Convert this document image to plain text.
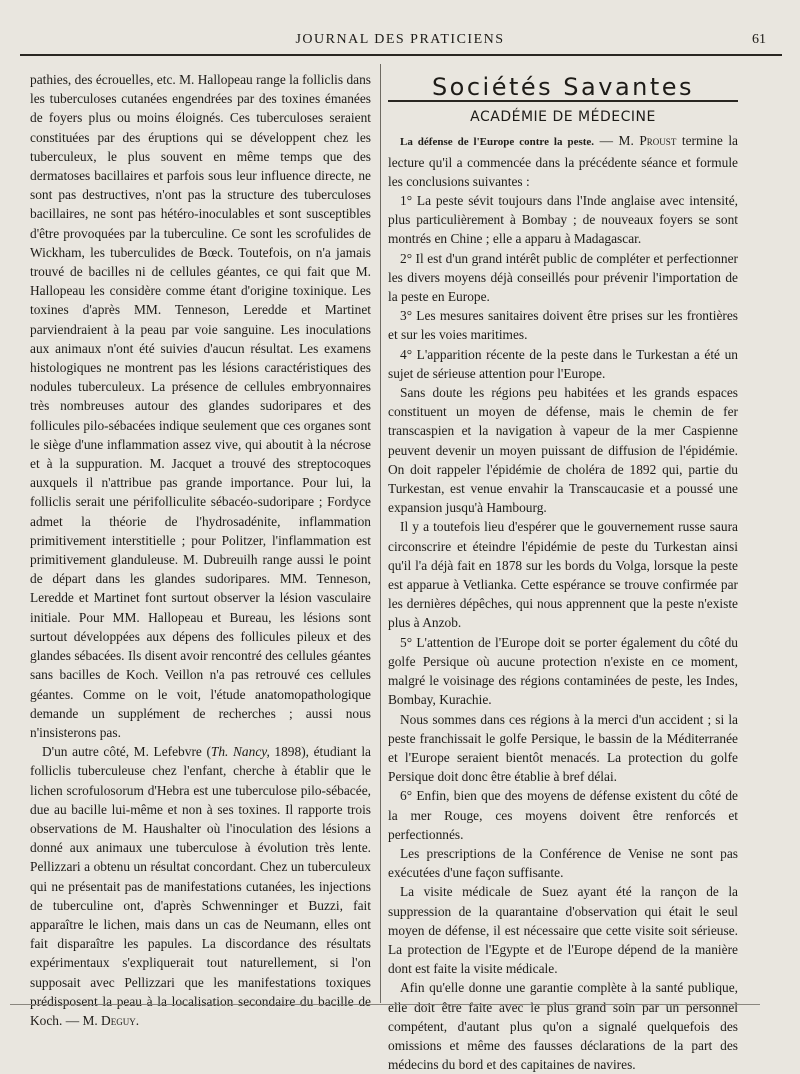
JOURNAL DES PRATICIENS	61

pathies, des écrouelles, etc. M. Hallopeau range la folliclis dans les tuberculoses cutanées engendrées par des toxines émanées de foyers plus ou moins éloignés. Ces tuberculoses seraient constituées par des éruptions qui se développent chez les tuberculeux, le plus souvent en même temps que des dermatoses bacillaires et parfois sous leur influence directe, ne sont pas destructives, n'ont pas la structure des tuberculoses bacillaires, ne sont pas hétéro-inoculables et sont susceptibles d'être provoquées par la tuberculine. Ce sont les scrofulides de Wickham, les tuberculides de Bœck. Toutefois, on n'a jamais trouvé de bacilles ni de cellules géantes, ce qui fait que M. Hallopeau les considère comme étant d'origine toxinique. Les toxines d'après MM. Tenneson, Leredde et Martinet parviendraient à la peau par voie sanguine. Les inoculations aux animaux n'ont été suivies d'aucun résultat. Les examens histologiques ne montrent pas les lésions caractéristiques des nodules tuberculeux. La présence de cellules embryonnaires très nombreuses autour des glandes sudoripares et des follicules pilo-sébacées indique seulement que ces organes sont le siège d'une inflammation assez vive, qui aboutit à la nécrose et à la suppuration. M. Jacquet a trouvé des streptocoques auxquels il n'attribue pas grande importance. Pour lui, la folliclis serait une périfolliculite sébacéo-sudoripare ; Fordyce admet la théorie de l'hydrosadénite, inflammation primitivement interstitielle ; pour Politzer, l'inflammation est primitivement glanduleuse. M. Dubreuilh range aussi le point de départ dans les glandes sudoripares. MM. Tenneson, Leredde et Martinet font surtout observer la lésion vasculaire initiale. Pour MM. Hallopeau et Bureau, les lésions sont surtout développées aux dépens des follicules pileux et des glandes sébacées. Ils disent avoir rencontré des cellules géantes sans bacilles de Koch. Veillon n'a pas retrouvé ces cellules géantes. Comme on le voit, l'étude anatomopathologique demande un supplément de recherches ; aussi nous n'insisterons pas.

D'un autre côté, M. Lefebvre (Th. Nancy, 1898), étudiant la folliclis tuberculeuse chez l'enfant, cherche à établir que le lichen scrofulosorum d'Hebra est une tuberculose pilo-sébacée, due au bacille lui-même et non à ses toxines. Il rapporte trois observations de M. Haushalter où l'inoculation des lésions a donné aux animaux une tuberculose à évolution très lente. Pellizzari a obtenu un résultat concordant. Chez un tuberculeux qui ne présentait pas de manifestations cutanées, les injections de tuberculine ont, d'après Schwenninger et Buzzi, fait apparaître le lichen, mais dans un cas de Neumann, elles ont fait disparaître les papules. La discordance des résultats expérimentaux s'expliquerait tout naturellement, si l'on supposait avec Pellizzari que les manifestations toxiques prédisposent la peau à la localisation secondaire du bacille de Koch. — M. Deguy.

Sociétés Savantes
ACADÉMIE DE MÉDECINE

La défense de l'Europe contre la peste. — M. Proust termine la lecture qu'il a commencée dans la précédente séance et formule les conclusions suivantes :

1° La peste sévit toujours dans l'Inde anglaise avec intensité, plus particulièrement à Bombay ; de nouveaux foyers se sont montrés en Chine ; elle a apparu à Madagascar.

2° Il est d'un grand intérêt public de compléter et perfectionner les divers moyens déjà conseillés pour prévenir l'importation de la peste en Europe.

3° Les mesures sanitaires doivent être prises sur les frontières et sur les voies maritimes.

4° L'apparition récente de la peste dans le Turkestan a été un sujet de sérieuse attention pour l'Europe.

Sans doute les régions peu habitées et les grands espaces constituent un moyen de défense, mais le chemin de fer transcaspien et la navigation à vapeur de la mer Caspienne peuvent devenir un moyen puissant de diffusion de l'épidémie. On doit rappeler l'épidémie de choléra de 1892 qui, partie du Turkestan, est venue envahir la Transcaucasie et a poussé une expansion jusqu'à Hambourg.

Il y a toutefois lieu d'espérer que le gouvernement russe saura circonscrire et éteindre l'épidémie de peste du Turkestan ainsi qu'il l'a déjà fait en 1878 sur les bords du Volga, lorsque la peste est apparue à Vetlianka. Cette espérance se trouve confirmée par les dernières dépêches, qui nous apprennent que la peste n'existe plus à Anzob.

5° L'attention de l'Europe doit se porter également du côté du golfe Persique où aucune protection n'existe en ce moment, malgré le voisinage des régions contaminées de peste, les Indes, Bombay, Kurachie.

Nous sommes dans ces régions à la merci d'un accident ; si la peste franchissait le golfe Persique, le bassin de la Méditerranée et l'Europe seraient bientôt menacés. La protection du golfe Persique doit donc être établie à bref délai.

6° Enfin, bien que des moyens de défense existent du côté de la mer Rouge, ces moyens doivent être renforcés et perfectionnés.

Les prescriptions de la Conférence de Venise ne sont pas exécutées d'une façon suffisante.

La visite médicale de Suez ayant été la rançon de la suppression de la quarantaine d'observation qui était le seul moyen de défense, il est nécessaire que cette visite soit sérieuse. La protection de l'Egypte et de l'Europe dépend de la manière dont est faite la visite médicale.

Afin qu'elle donne une garantie complète à la santé publique, elle doit être faite avec le plus grand soin par un personnel compétent, d'autant plus qu'on a signalé quelquefois des omissions et même des fausses déclarations de la part des médecins du bord et des capitaines de navires.
